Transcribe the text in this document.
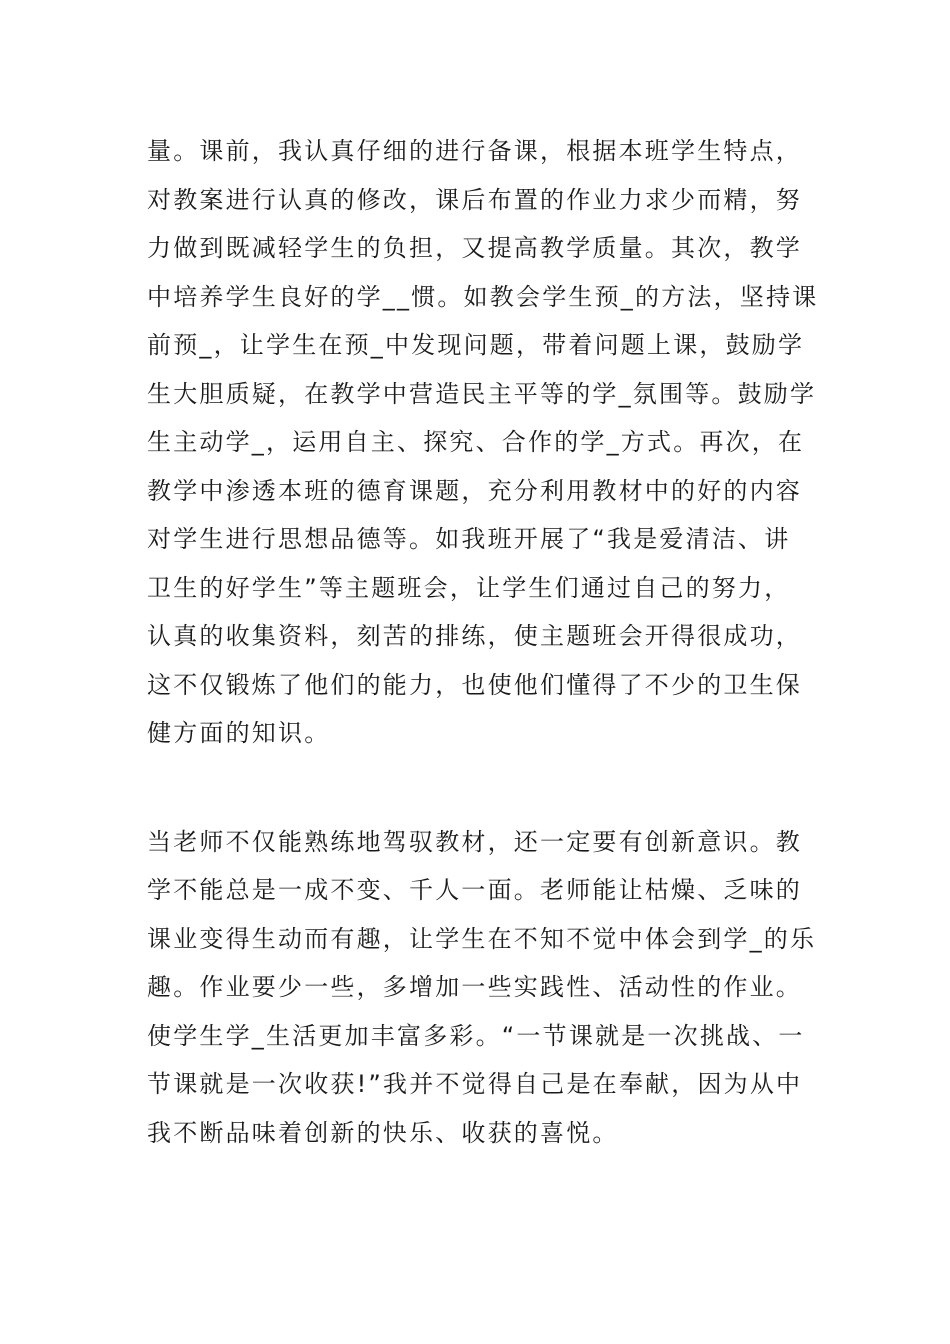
量。课前，我认真仔细的进行备课，根据本班学生特点，
对教案进行认真的修改，课后布置的作业力求少而精，努
力做到既减轻学生的负担，又提高教学质量。其次，教学
中培养学生良好的学__惯。如教会学生预_的方法，坚持课
前预_，让学生在预_中发现问题，带着问题上课，鼓励学
生大胆质疑，在教学中营造民主平等的学_氛围等。鼓励学
生主动学_，运用自主、探究、合作的学_方式。再次，在
教学中渗透本班的德育课题，充分利用教材中的好的内容
对学生进行思想品德等。如我班开展了“我是爱清洁、讲
卫生的好学生”等主题班会，让学生们通过自己的努力，
认真的收集资料，刻苦的排练，使主题班会开得很成功，
这不仅锻炼了他们的能力，也使他们懂得了不少的卫生保
健方面的知识。
当老师不仅能熟练地驾驭教材，还一定要有创新意识。教
学不能总是一成不变、千人一面。老师能让枯燥、乏味的
课业变得生动而有趣，让学生在不知不觉中体会到学_的乐
趣。作业要少一些，多增加一些实践性、活动性的作业。
使学生学_生活更加丰富多彩。“一节课就是一次挑战、一
节课就是一次收获!”我并不觉得自己是在奉献，因为从中
我不断品味着创新的快乐、收获的喜悦。
